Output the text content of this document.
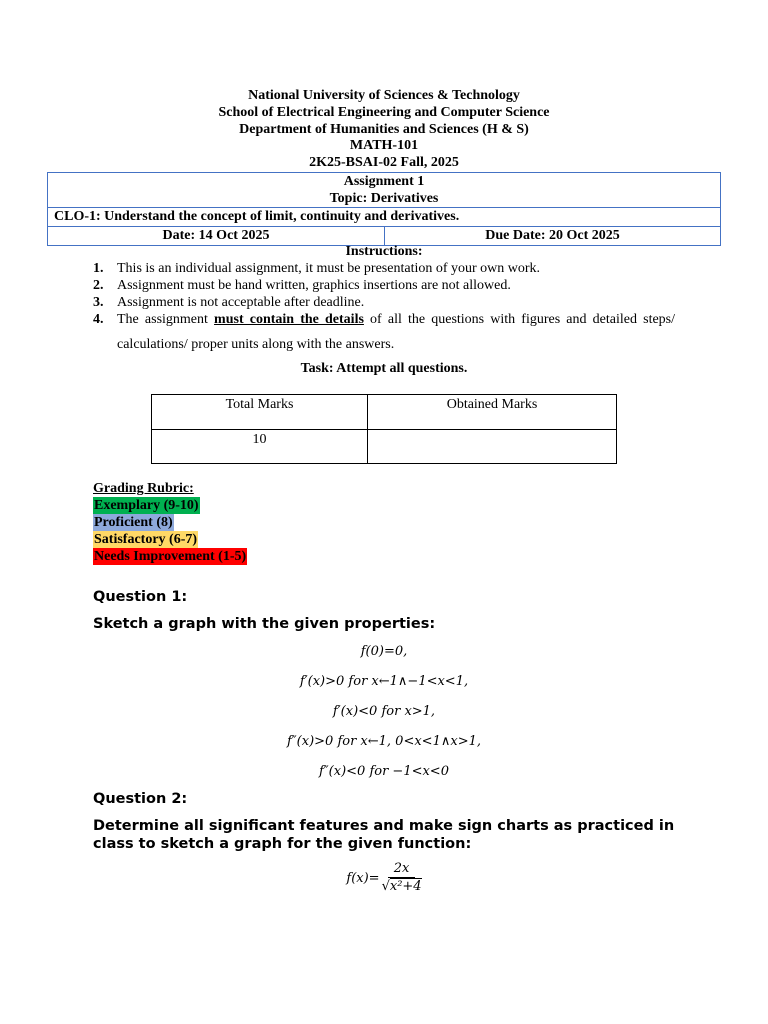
National University of Sciences & Technology
School of Electrical Engineering and Computer Science
Department of Humanities and Sciences (H & S)
MATH-101
2K25-BSAI-02 Fall, 2025
Assignment 1
Topic: Derivatives
CLO-1: Understand the concept of limit, continuity and derivatives.
Date: 14 Oct 2025	Due Date: 20 Oct 2025
Instructions:
1. This is an individual assignment, it must be presentation of your own work.
2. Assignment must be hand written, graphics insertions are not allowed.
3. Assignment is not acceptable after deadline.
4. The assignment must contain the details of all the questions with figures and detailed steps/ calculations/ proper units along with the answers.
Task: Attempt all questions.
Total Marks	Obtained Marks
10	
Grading Rubric:
Exemplary (9-10)
Proficient (8)
Satisfactory (6-7)
Needs Improvement (1-5)
Question 1:
Sketch a graph with the given properties:
f(0)=0,
f′(x)>0 for x←1∧−1<x<1,
f′(x)<0 for x>1,
f″(x)>0 for x←1, 0<x<1∧x>1,
f″(x)<0 for −1<x<0
Question 2:
Determine all significant features and make sign charts as practiced in class to sketch a graph for the given function:
$f(x)= \frac{2x}{\text{√x²+4}}$
